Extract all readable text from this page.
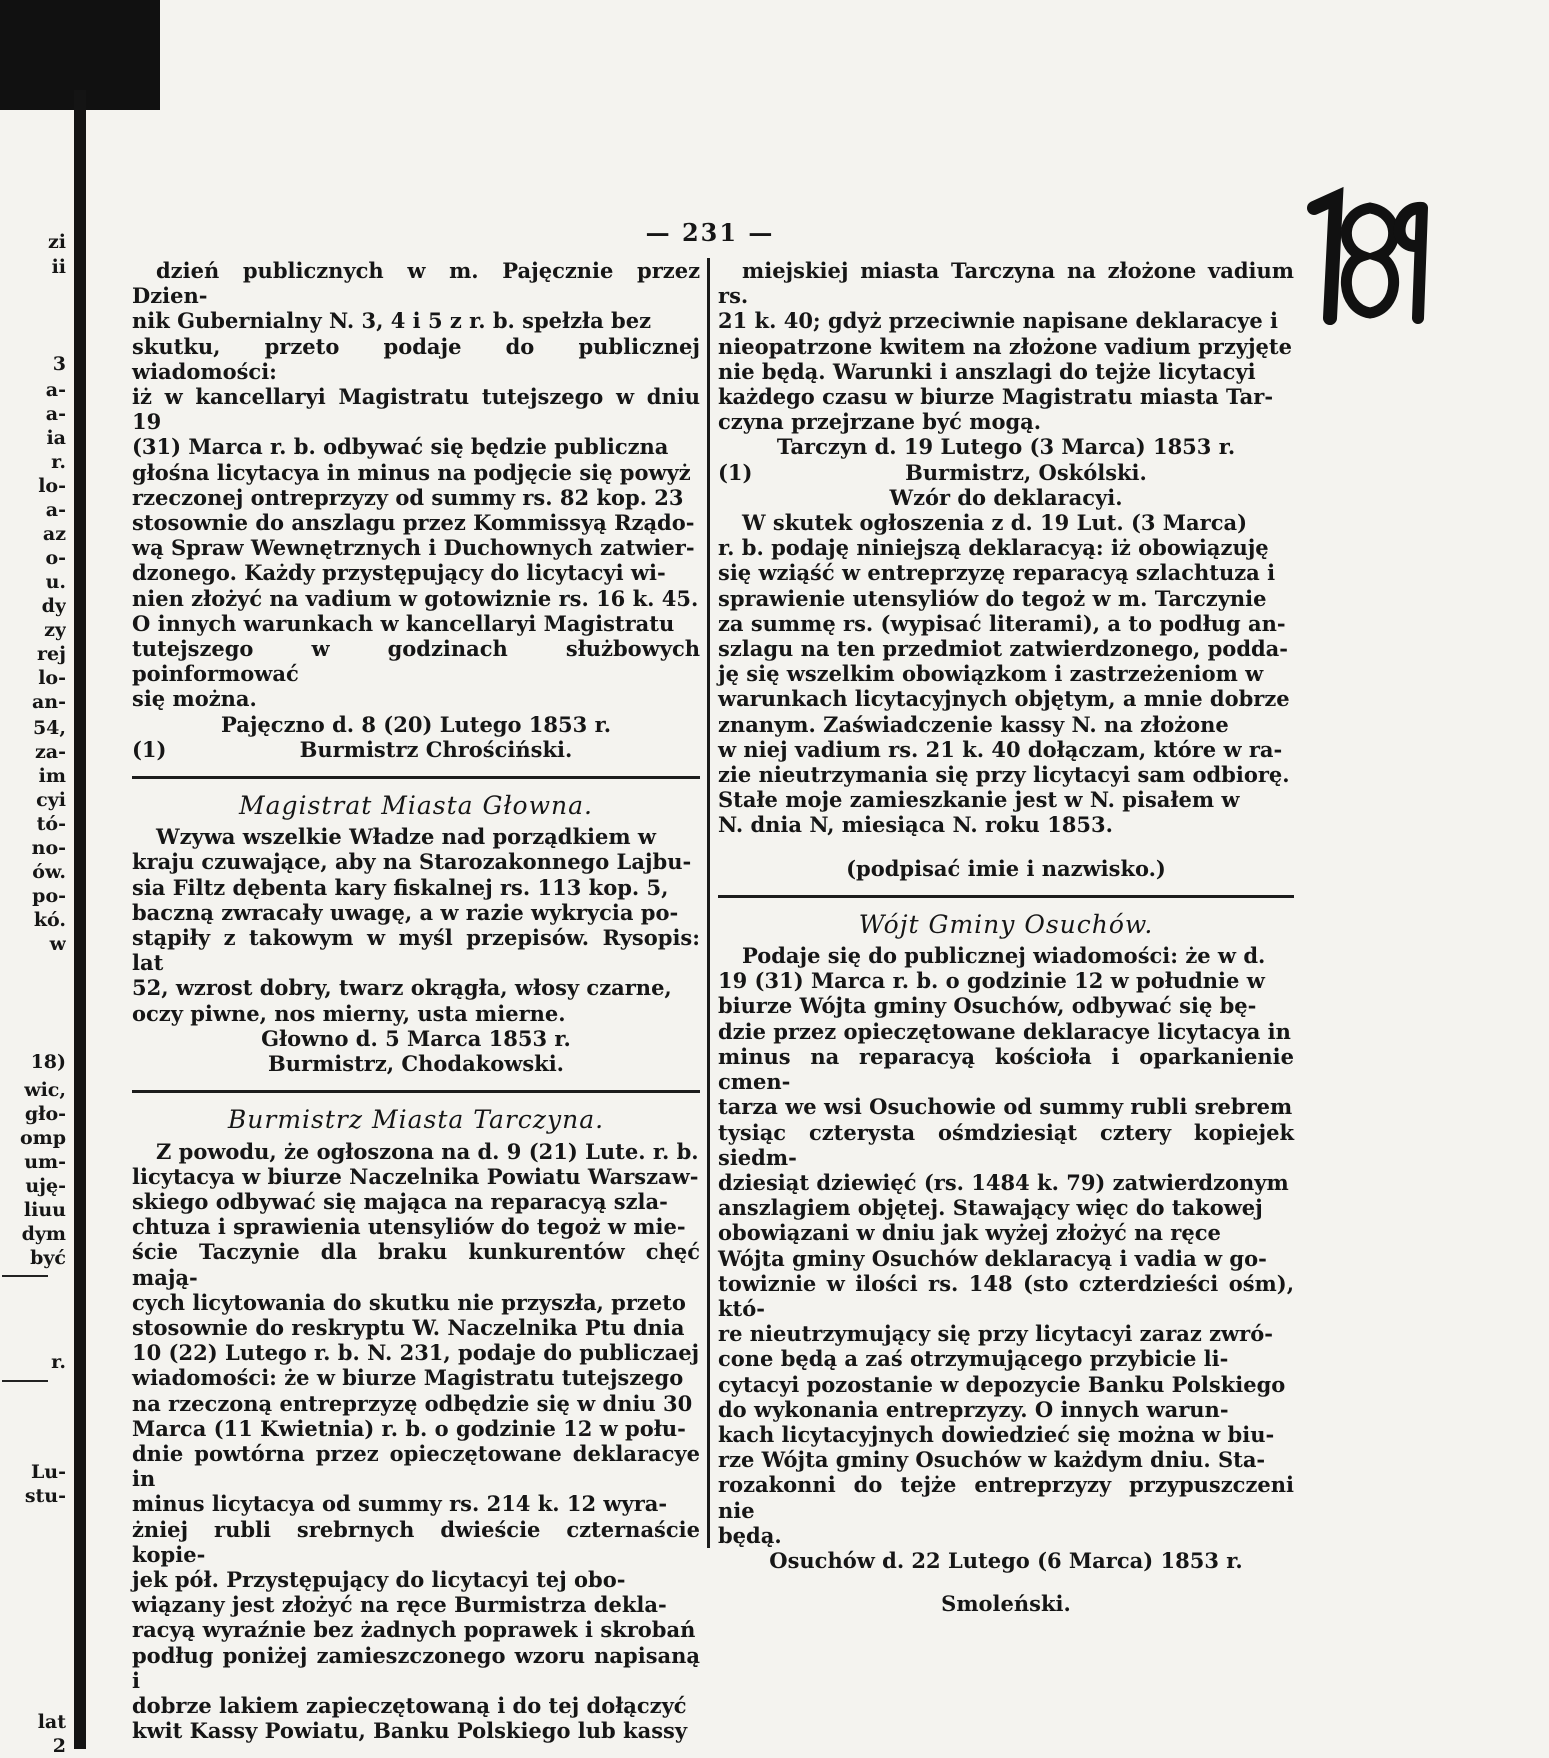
zi
ii
3
a-
a-
ia
r.
lo-
a-
az
o-
u.
dy
zy
rej
lo-
an-
54,
za-
im
cyi
tó-
no-
ów.
po-
kó.
w
18)
wic,
gło-
omp
um-
uję-
liuu
dym
być
r.
Lu-
stu-
lat
2
— 231 —

dzień publicznych w m. Pajęcznie przez Dzien-

nik Gubernialny N. 3, 4 i 5 z r. b. spełzła bez

skutku, przeto podaje do publicznej wiadomości:

iż w kancellaryi Magistratu tutejszego w dniu 19

(31) Marca r. b. odbywać się będzie publiczna

głośna licytacya in minus na podjęcie się powyż

rzeczonej ontreprzyzy od summy rs. 82 kop. 23

stosownie do anszlagu przez Kommissyą Rządo-

wą Spraw Wewnętrznych i Duchownych zatwier-

dzonego. Każdy przystępujący do licytacyi wi-

nien złożyć na vadium w gotowiznie rs. 16 k. 45.

O innych warunkach w kancellaryi Magistratu

tutejszego w godzinach służbowych poinformować

się można.

Pajęczno d. 8 (20) Lutego 1853 r.

(1)	Burmistrz Chrościński.

Magistrat Miasta Głowna.

Wzywa wszelkie Władze nad porządkiem w

kraju czuwające, aby na Starozakonnego Lajbu-

sia Filtz dębenta kary fiskalnej rs. 113 kop. 5,

baczną zwracały uwagę, a w razie wykrycia po-

stąpiły z takowym w myśl przepisów. Rysopis: lat

52, wzrost dobry, twarz okrągła, włosy czarne,

oczy piwne, nos mierny, usta mierne.

Głowno d. 5 Marca 1853 r.

Burmistrz, Chodakowski.

Burmistrz Miasta Tarczyna.

Z powodu, że ogłoszona na d. 9 (21) Lute. r. b.

licytacya w biurze Naczelnika Powiatu Warszaw-

skiego odbywać się mająca na reparacyą szla-

chtuza i sprawienia utensyliów do tegoż w mie-

ście Taczynie dla braku kunkurentów chęć mają-

cych licytowania do skutku nie przyszła, przeto

stosownie do reskryptu W. Naczelnika Ptu dnia

10 (22) Lutego r. b. N. 231, podaje do publiczaej

wiadomości: że w biurze Magistratu tutejszego

na rzeczoną entreprzyzę odbędzie się w dniu 30

Marca (11 Kwietnia) r. b. o godzinie 12 w połu-

dnie powtórna przez opieczętowane deklaracye in

minus licytacya od summy rs. 214 k. 12 wyra-

żniej rubli srebrnych dwieście czternaście kopie-

jek pół. Przystępujący do licytacyi tej obo-

wiązany jest złożyć na ręce Burmistrza dekla-

racyą wyraźnie bez żadnych poprawek i skrobań

podług poniżej zamieszczonego wzoru napisaną i

dobrze lakiem zapieczętowaną i do tej dołączyć

kwit Kassy Powiatu, Banku Polskiego lub kassy

miejskiej miasta Tarczyna na złożone vadium rs.

21 k. 40; gdyż przeciwnie napisane deklaracye i

nieopatrzone kwitem na złożone vadium przyjęte

nie będą. Warunki i anszlagi do tejże licytacyi

każdego czasu w biurze Magistratu miasta Tar-

czyna przejrzane być mogą.

Tarczyn d. 19 Lutego (3 Marca) 1853 r.

(1)	Burmistrz, Oskólski.

Wzór do deklaracyi.

W skutek ogłoszenia z d. 19 Lut. (3 Marca)

r. b. podaję niniejszą deklaracyą: iż obowiązuję

się wziąść w entreprzyzę reparacyą szlachtuza i

sprawienie utensyliów do tegoż w m. Tarczynie

za summę rs. (wypisać literami), a to podług an-

szlagu na ten przedmiot zatwierdzonego, podda-

ję się wszelkim obowiązkom i zastrzeżeniom w

warunkach licytacyjnych objętym, a mnie dobrze

znanym. Zaświadczenie kassy N. na złożone

w niej vadium rs. 21 k. 40 dołączam, które w ra-

zie nieutrzymania się przy licytacyi sam odbiorę.

Stałe moje zamieszkanie jest w N. pisałem w

N. dnia N, miesiąca N. roku 1853.

(podpisać imie i nazwisko.)

Wójt Gminy Osuchów.

Podaje się do publicznej wiadomości: że w d.

19 (31) Marca r. b. o godzinie 12 w południe w

biurze Wójta gminy Osuchów, odbywać się bę-

dzie przez opieczętowane deklaracye licytacya in

minus na reparacyą kościoła i oparkanienie cmen-

tarza we wsi Osuchowie od summy rubli srebrem

tysiąc czterysta ośmdziesiąt cztery kopiejek siedm-

dziesiąt dziewięć (rs. 1484 k. 79) zatwierdzonym

anszlagiem objętej. Stawający więc do takowej

obowiązani w dniu jak wyżej złożyć na ręce

Wójta gminy Osuchów deklaracyą i vadia w go-

towiznie w ilości rs. 148 (sto czterdzieści ośm), któ-

re nieutrzymujący się przy licytacyi zaraz zwró-

cone będą a zaś otrzymującego przybicie li-

cytacyi pozostanie w depozycie Banku Polskiego

do wykonania entreprzyzy. O innych warun-

kach licytacyjnych dowiedzieć się można w biu-

rze Wójta gminy Osuchów w każdym dniu. Sta-

rozakonni do tejże entreprzyzy przypuszczeni nie

będą.

Osuchów d. 22 Lutego (6 Marca) 1853 r.

Smoleński.
